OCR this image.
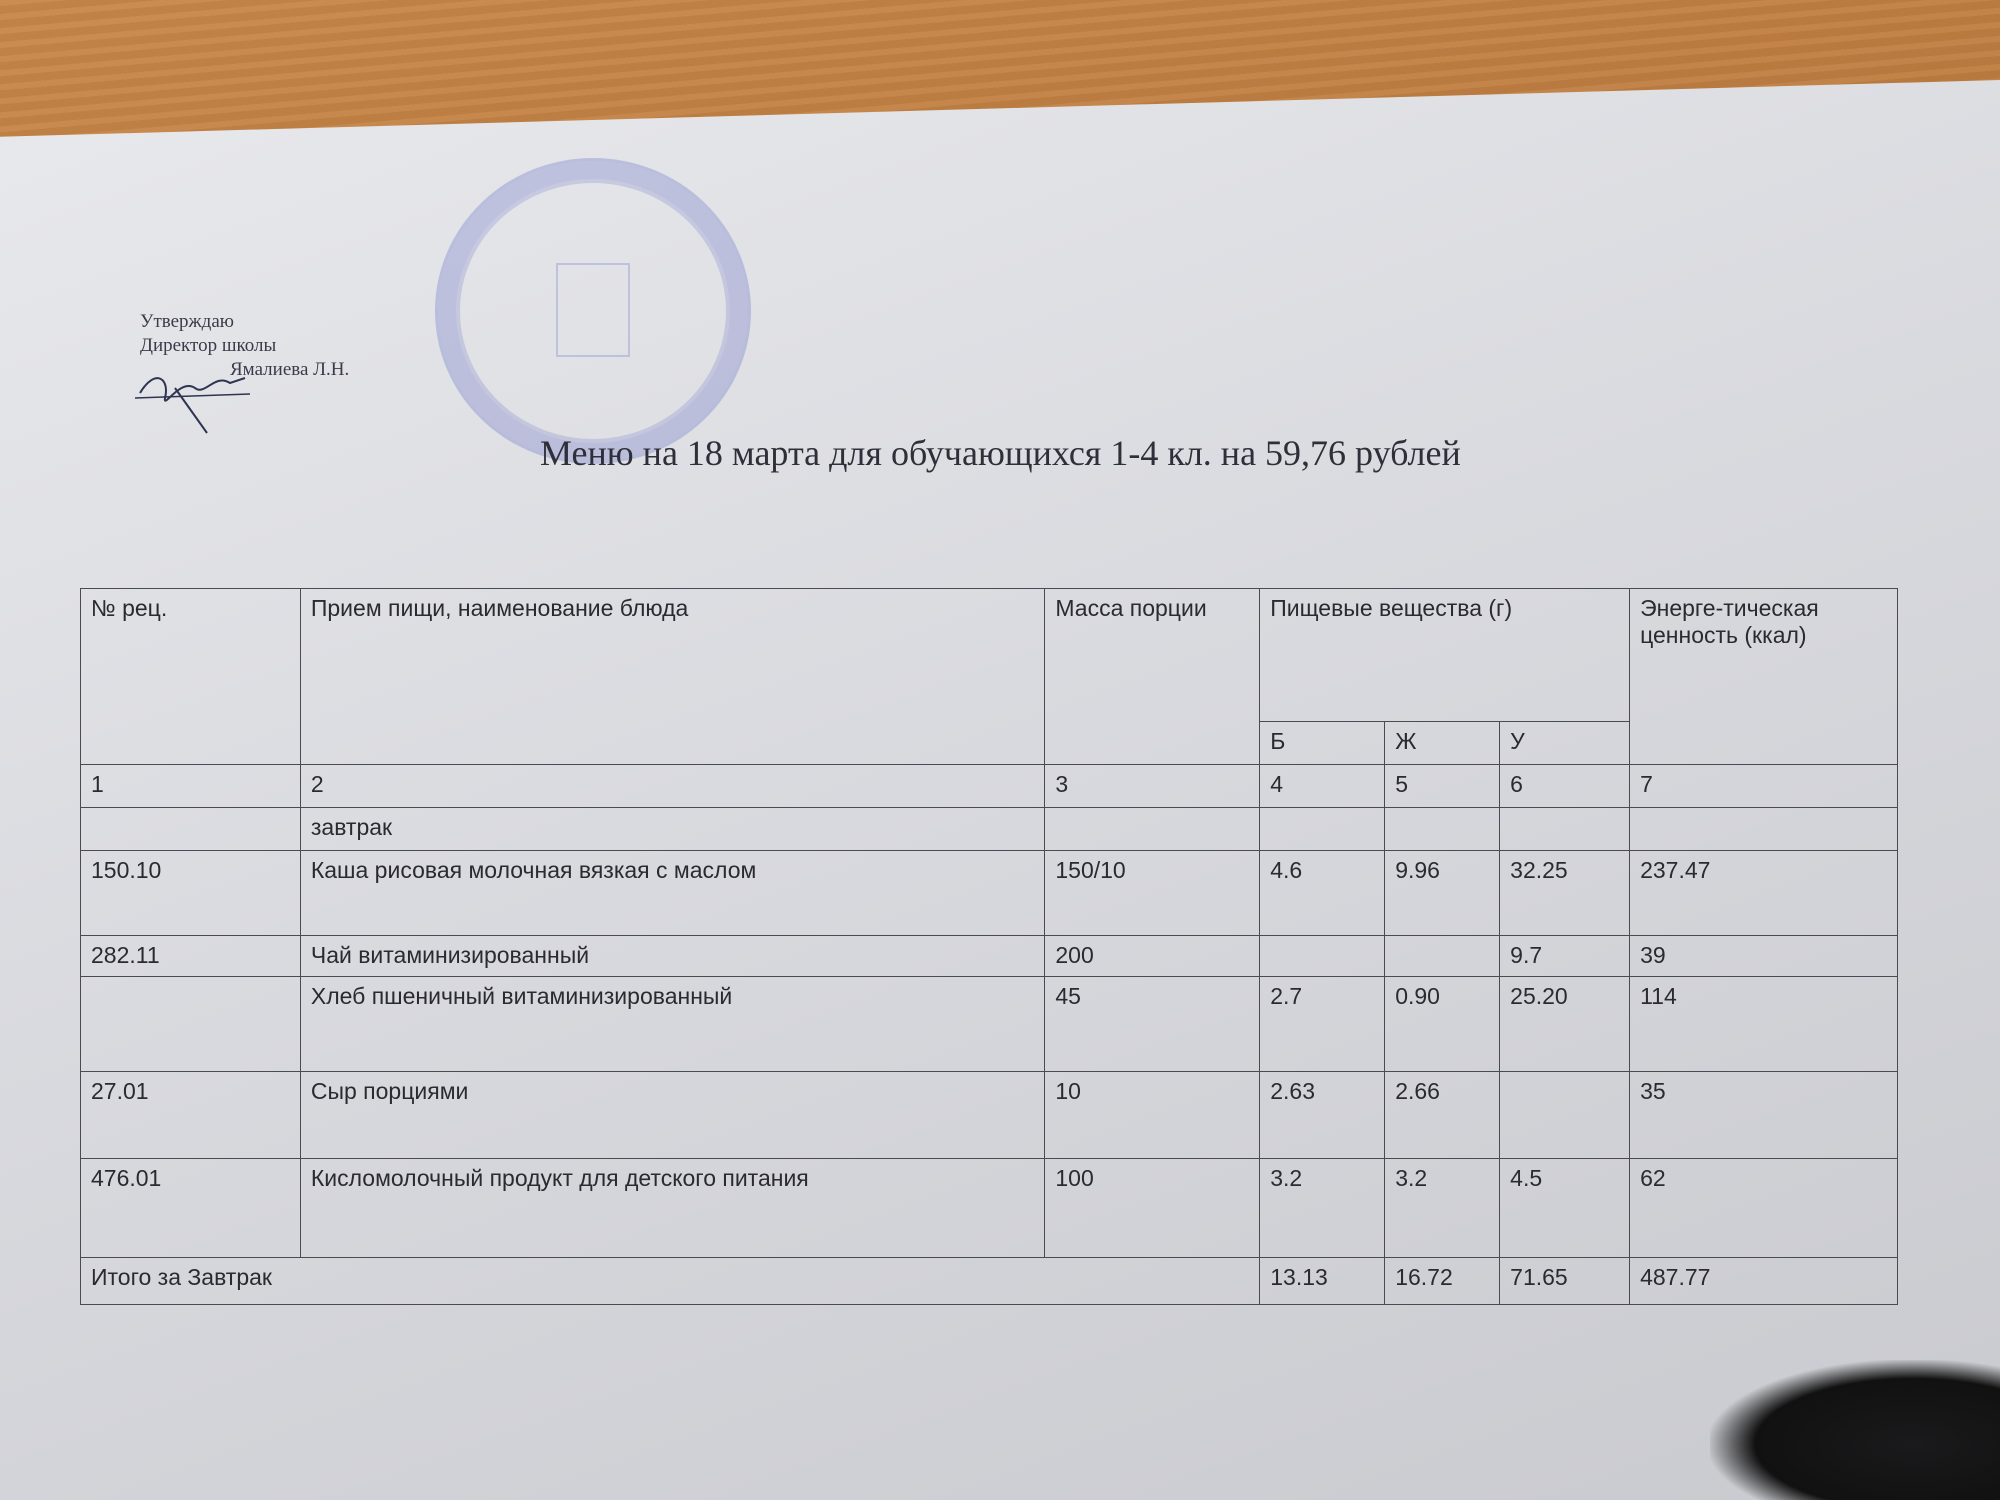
Утверждаю
Директор школы
Ямалиева Л.Н.
Меню на 18 марта для обучающихся 1-4 кл. на 59,76 рублей
№ рец.	Прием пищи, наименование блюда	Масса порции	Пищевые вещества (г)			Энерге-тическая ценность (ккал)
			Б	Ж	У	
1	2	3	4	5	6	7
	завтрак					
150.10	Каша рисовая молочная вязкая с маслом	150/10	4.6	9.96	32.25	237.47
282.11	Чай витаминизированный	200			9.7	39
	Хлеб пшеничный витаминизированный	45	2.7	0.90	25.20	114
27.01	Сыр порциями	10	2.63	2.66		35
476.01	Кисломолочный продукт для детского питания	100	3.2	3.2	4.5	62
Итого за Завтрак			13.13	16.72	71.65	487.77
